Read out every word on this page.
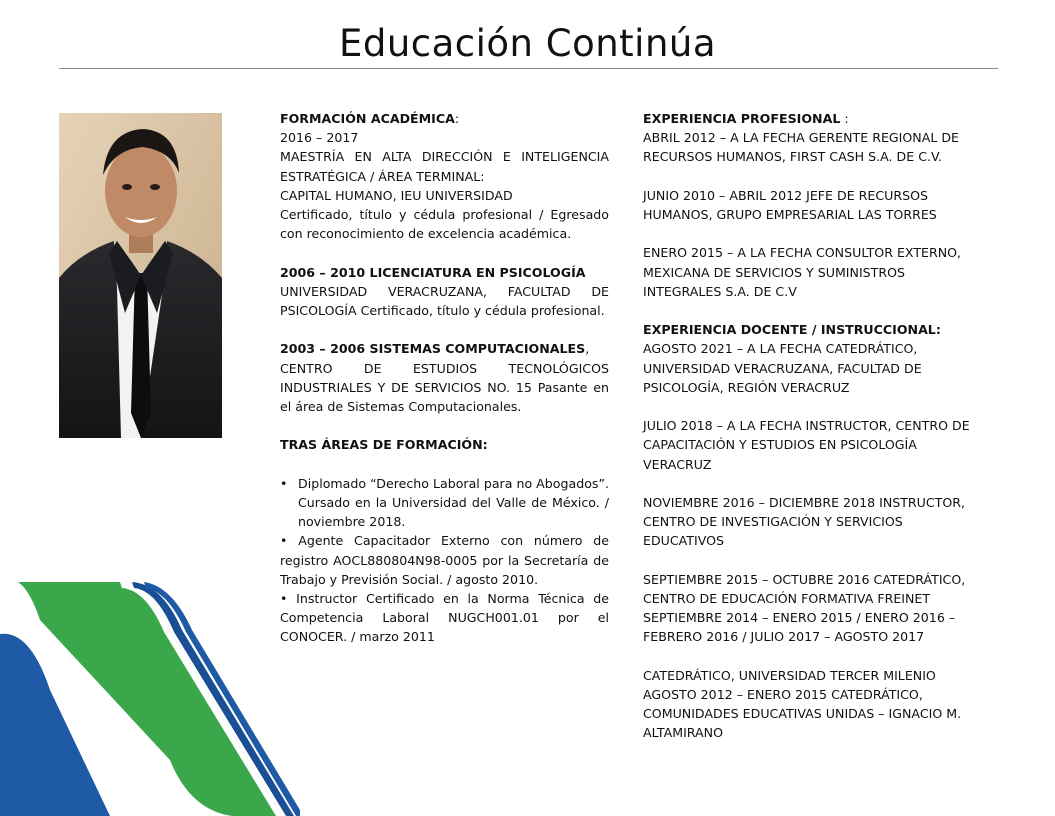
Educación Continúa

FORMACIÓN ACADÉMICA:

2016 – 2017

MAESTRÍA EN ALTA DIRECCIÓN E INTELIGENCIA ESTRATÉGICA / ÁREA TERMINAL:

CAPITAL HUMANO, IEU UNIVERSIDAD

Certificado, título y cédula profesional / Egresado con reconocimiento de excelencia académica.

2006 – 2010 LICENCIATURA EN PSICOLOGÍA

UNIVERSIDAD VERACRUZANA, FACULTAD DE PSICOLOGÍA Certificado, título y cédula profesional.

2003 – 2006 SISTEMAS COMPUTACIONALES,

CENTRO DE ESTUDIOS TECNOLÓGICOS INDUSTRIALES Y DE SERVICIOS NO. 15 Pasante en el área de Sistemas Computacionales.

TRAS ÁREAS DE FORMACIÓN:

• Diplomado “Derecho Laboral para no Abogados”. Cursado en la Universidad del Valle de México. / noviembre 2018.
• Agente Capacitador Externo con número de registro AOCL880804N98-0005 por la Secretaría de Trabajo y Previsión Social. / agosto 2010.
• Instructor Certificado en la Norma Técnica de Competencia Laboral NUGCH001.01 por el CONOCER. / marzo 2011

EXPERIENCIA PROFESIONAL :

ABRIL 2012 – A LA FECHA GERENTE REGIONAL DE RECURSOS HUMANOS, FIRST CASH S.A. DE C.V.

JUNIO 2010 – ABRIL 2012 JEFE DE RECURSOS HUMANOS, GRUPO EMPRESARIAL LAS TORRES

ENERO 2015 – A LA FECHA CONSULTOR EXTERNO, MEXICANA DE SERVICIOS Y SUMINISTROS INTEGRALES S.A. DE C.V

EXPERIENCIA DOCENTE / INSTRUCCIONAL:

AGOSTO 2021 – A LA FECHA CATEDRÁTICO, UNIVERSIDAD VERACRUZANA, FACULTAD DE PSICOLOGÍA, REGIÓN VERACRUZ

JULIO 2018 – A LA FECHA INSTRUCTOR, CENTRO DE CAPACITACIÓN Y ESTUDIOS EN PSICOLOGÍA VERACRUZ

NOVIEMBRE 2016 – DICIEMBRE 2018 INSTRUCTOR, CENTRO DE INVESTIGACIÓN Y SERVICIOS EDUCATIVOS

SEPTIEMBRE 2015 – OCTUBRE 2016 CATEDRÁTICO, CENTRO DE EDUCACIÓN FORMATIVA FREINET

SEPTIEMBRE 2014 – ENERO 2015 / ENERO 2016 – FEBRERO 2016 / JULIO 2017 – AGOSTO 2017

CATEDRÁTICO, UNIVERSIDAD TERCER MILENIO AGOSTO 2012 – ENERO 2015 CATEDRÁTICO, COMUNIDADES EDUCATIVAS UNIDAS – IGNACIO M. ALTAMIRANO
